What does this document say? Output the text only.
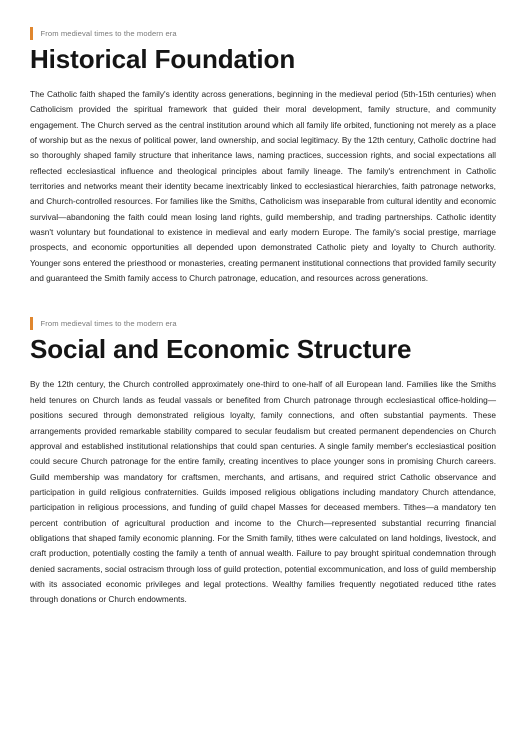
From medieval times to the modern era
Historical Foundation

The Catholic faith shaped the family's identity across generations, beginning in the medieval period (5th-15th centuries) when Catholicism provided the spiritual framework that guided their moral development, family structure, and community engagement. The Church served as the central institution around which all family life orbited, functioning not merely as a place of worship but as the nexus of political power, land ownership, and social legitimacy. By the 12th century, Catholic doctrine had so thoroughly shaped family structure that inheritance laws, naming practices, succession rights, and social expectations all reflected ecclesiastical influence and theological principles about family lineage. The family's entrenchment in Catholic territories and networks meant their identity became inextricably linked to ecclesiastical hierarchies, faith patronage networks, and Church-controlled resources. For families like the Smiths, Catholicism was inseparable from cultural identity and economic survival—abandoning the faith could mean losing land rights, guild membership, and trading partnerships. Catholic identity wasn't voluntary but foundational to existence in medieval and early modern Europe. The family's social prestige, marriage prospects, and economic opportunities all depended upon demonstrated Catholic piety and loyalty to Church authority. Younger sons entered the priesthood or monasteries, creating permanent institutional connections that provided family security and guaranteed the Smith family access to Church patronage, education, and resources across generations.

From medieval times to the modern era
Social and Economic Structure

By the 12th century, the Church controlled approximately one-third to one-half of all European land. Families like the Smiths held tenures on Church lands as feudal vassals or benefited from Church patronage through ecclesiastical office-holding—positions secured through demonstrated religious loyalty, family connections, and often substantial payments. These arrangements provided remarkable stability compared to secular feudalism but created permanent dependencies on Church approval and established institutional relationships that could span centuries. A single family member's ecclesiastical position could secure Church patronage for the entire family, creating incentives to place younger sons in promising Church careers. Guild membership was mandatory for craftsmen, merchants, and artisans, and required strict Catholic observance and participation in guild religious confraternities. Guilds imposed religious obligations including mandatory Church attendance, participation in religious processions, and funding of guild chapel Masses for deceased members. Tithes—a mandatory ten percent contribution of agricultural production and income to the Church—represented substantial recurring financial obligations that shaped family economic planning. For the Smith family, tithes were calculated on land holdings, livestock, and craft production, potentially costing the family a tenth of annual wealth. Failure to pay brought spiritual condemnation through denied sacraments, social ostracism through loss of guild protection, potential excommunication, and loss of guild membership with its associated economic privileges and legal protections. Wealthy families frequently negotiated reduced tithe rates through donations or Church endowments.
